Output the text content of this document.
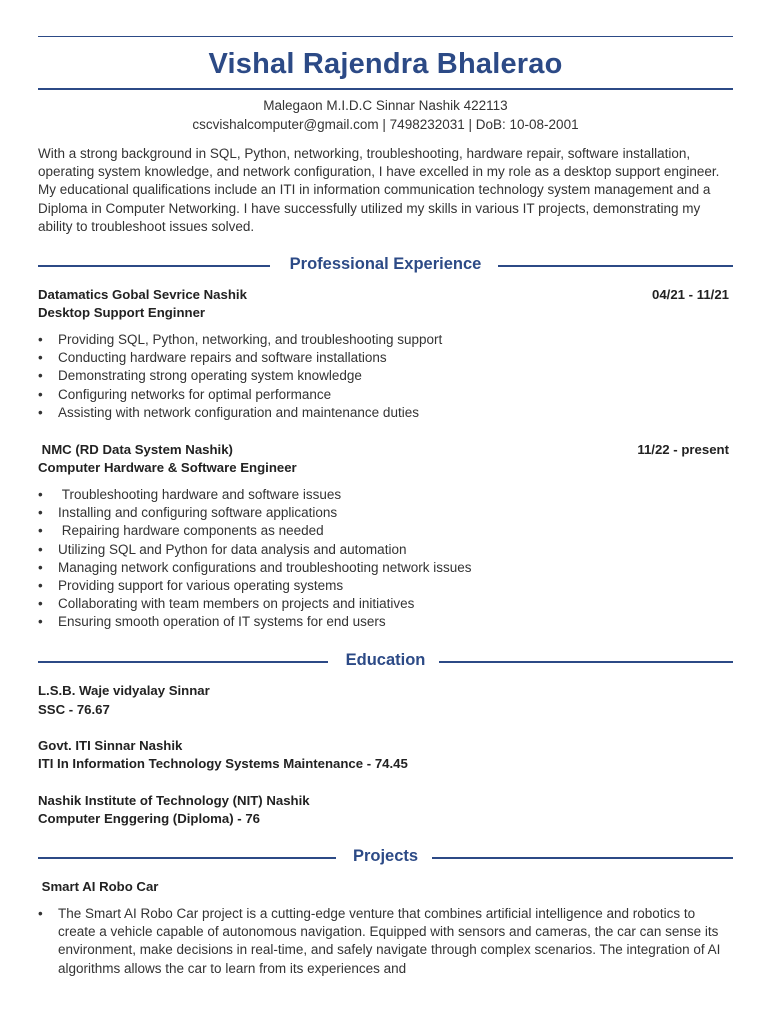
Vishal Rajendra Bhalerao
Malegaon M.I.D.C Sinnar Nashik 422113
cscvishalcomputer@gmail.com | 7498232031 | DoB: 10-08-2001
With a strong background in SQL, Python, networking, troubleshooting, hardware repair, software installation, operating system knowledge, and network configuration, I have excelled in my role as a desktop support engineer. My educational qualifications include an ITI in information communication technology system management and a Diploma in Computer Networking. I have successfully utilized my skills in various IT projects, demonstrating my ability to troubleshoot issues solved.
Professional Experience
Datamatics Gobal Sevrice Nashik	04/21 - 11/21
Desktop Support Enginner
• Providing SQL, Python, networking, and troubleshooting support
• Conducting hardware repairs and software installations
• Demonstrating strong operating system knowledge
• Configuring networks for optimal performance
• Assisting with network configuration and maintenance duties
NMC (RD Data System Nashik)	11/22 - present
Computer Hardware & Software Engineer
•  Troubleshooting hardware and software issues
• Installing and configuring software applications
•  Repairing hardware components as needed
• Utilizing SQL and Python for data analysis and automation
• Managing network configurations and troubleshooting network issues
• Providing support for various operating systems
• Collaborating with team members on projects and initiatives
• Ensuring smooth operation of IT systems for end users
Education
L.S.B. Waje vidyalay Sinnar
SSC - 76.67
Govt. ITI Sinnar Nashik
ITI In Information Technology Systems Maintenance - 74.45
Nashik Institute of Technology (NIT) Nashik
Computer Enggering (Diploma) - 76
Projects
Smart AI Robo Car
• The Smart AI Robo Car project is a cutting-edge venture that combines artificial intelligence and robotics to create a vehicle capable of autonomous navigation. Equipped with sensors and cameras, the car can sense its environment, make decisions in real-time, and safely navigate through complex scenarios. The integration of AI algorithms allows the car to learn from its experiences and
